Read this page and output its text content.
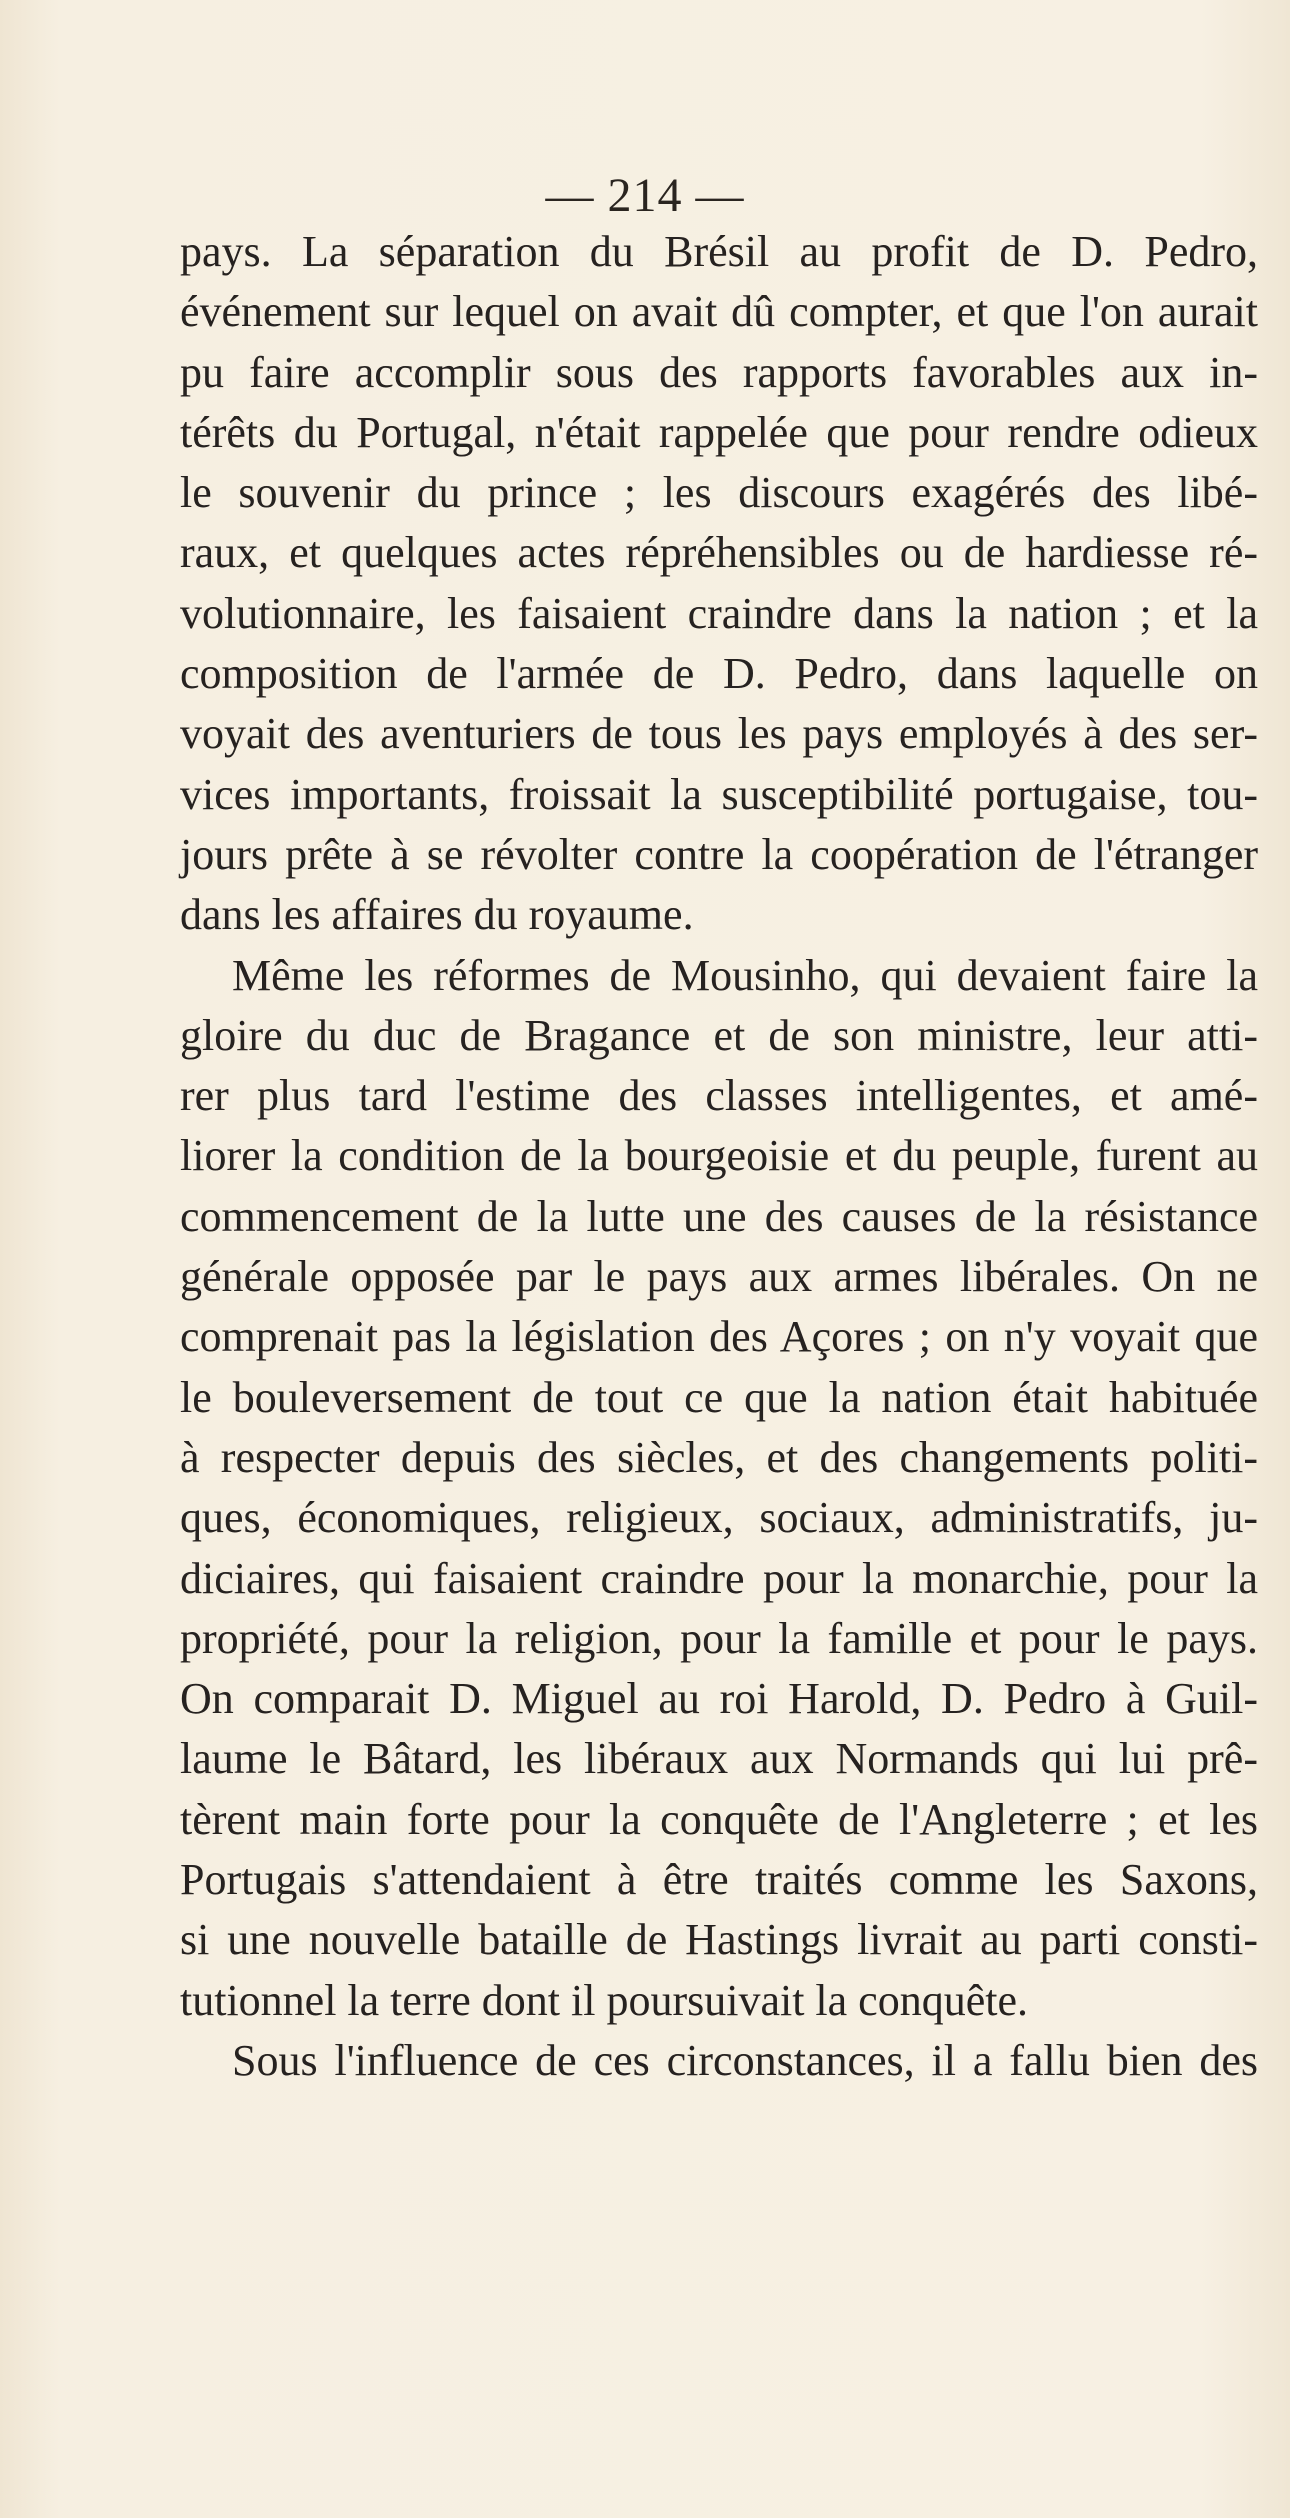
— 214 —
pays. La séparation du Brésil au profit de D. Pedro,
événement sur lequel on avait dû compter, et que l'on aurait
pu faire accomplir sous des rapports favorables aux in-
térêts du Portugal, n'était rappelée que pour rendre odieux
le souvenir du prince ; les discours exagérés des libé-
raux, et quelques actes répréhensibles ou de hardiesse ré-
volutionnaire, les faisaient craindre dans la nation ; et la
composition de l'armée de D. Pedro, dans laquelle on
voyait des aventuriers de tous les pays employés à des ser-
vices importants, froissait la susceptibilité portugaise, tou-
jours prête à se révolter contre la coopération de l'étranger
dans les affaires du royaume.
Même les réformes de Mousinho, qui devaient faire la
gloire du duc de Bragance et de son ministre, leur atti-
rer plus tard l'estime des classes intelligentes, et amé-
liorer la condition de la bourgeoisie et du peuple, furent au
commencement de la lutte une des causes de la résistance
générale opposée par le pays aux armes libérales. On ne
comprenait pas la législation des Açores ; on n'y voyait que
le bouleversement de tout ce que la nation était habituée
à respecter depuis des siècles, et des changements politi-
ques, économiques, religieux, sociaux, administratifs, ju-
diciaires, qui faisaient craindre pour la monarchie, pour la
propriété, pour la religion, pour la famille et pour le pays.
On comparait D. Miguel au roi Harold, D. Pedro à Guil-
laume le Bâtard, les libéraux aux Normands qui lui prê-
tèrent main forte pour la conquête de l'Angleterre ; et les
Portugais s'attendaient à être traités comme les Saxons,
si une nouvelle bataille de Hastings livrait au parti consti-
tutionnel la terre dont il poursuivait la conquête.
Sous l'influence de ces circonstances, il a fallu bien des
